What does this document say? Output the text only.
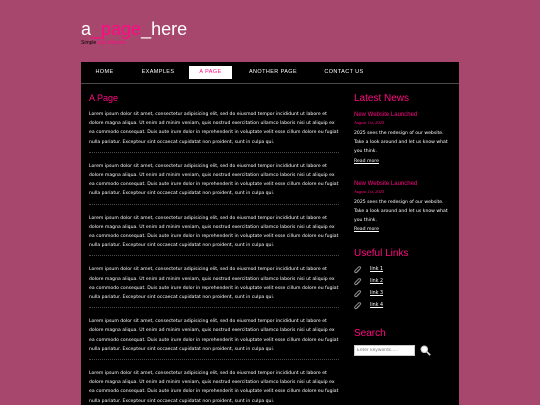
a_page_here
Simple and effective
HOME	EXAMPLES	A PAGE	ANOTHER PAGE	CONTACT US
A Page

Lorem ipsum dolor sit amet, consectetur adipisicing elit, sed do eiusmod tempor incididunt ut labore et dolore magna aliqua. Ut enim ad minim veniam, quis nostrud exercitation ullamco laboris nisi ut aliquip ex ea commodo consequat. Duis aute irure dolor in reprehenderit in voluptate velit esse cillum dolore eu fugiat nulla pariatur. Excepteur sint occaecat cupidatat non proident, sunt in culpa qui.

Lorem ipsum dolor sit amet, consectetur adipisicing elit, sed do eiusmod tempor incididunt ut labore et dolore magna aliqua. Ut enim ad minim veniam, quis nostrud exercitation ullamco laboris nisi ut aliquip ex ea commodo consequat. Duis aute irure dolor in reprehenderit in voluptate velit esse cillum dolore eu fugiat nulla pariatur. Excepteur sint occaecat cupidatat non proident, sunt in culpa qui.

Lorem ipsum dolor sit amet, consectetur adipisicing elit, sed do eiusmod tempor incididunt ut labore et dolore magna aliqua. Ut enim ad minim veniam, quis nostrud exercitation ullamco laboris nisi ut aliquip ex ea commodo consequat. Duis aute irure dolor in reprehenderit in voluptate velit esse cillum dolore eu fugiat nulla pariatur. Excepteur sint occaecat cupidatat non proident, sunt in culpa qui.

Lorem ipsum dolor sit amet, consectetur adipisicing elit, sed do eiusmod tempor incididunt ut labore et dolore magna aliqua. Ut enim ad minim veniam, quis nostrud exercitation ullamco laboris nisi ut aliquip ex ea commodo consequat. Duis aute irure dolor in reprehenderit in voluptate velit esse cillum dolore eu fugiat nulla pariatur. Excepteur sint occaecat cupidatat non proident, sunt in culpa qui.

Lorem ipsum dolor sit amet, consectetur adipisicing elit, sed do eiusmod tempor incididunt ut labore et dolore magna aliqua. Ut enim ad minim veniam, quis nostrud exercitation ullamco laboris nisi ut aliquip ex ea commodo consequat. Duis aute irure dolor in reprehenderit in voluptate velit esse cillum dolore eu fugiat nulla pariatur. Excepteur sint occaecat cupidatat non proident, sunt in culpa qui.

Lorem ipsum dolor sit amet, consectetur adipisicing elit, sed do eiusmod tempor incididunt ut labore et dolore magna aliqua. Ut enim ad minim veniam, quis nostrud exercitation ullamco laboris nisi ut aliquip ex ea commodo consequat. Duis aute irure dolor in reprehenderit in voluptate velit esse cillum dolore eu fugiat nulla pariatur. Excepteur sint occaecat cupidatat non proident, sunt in culpa qui.

Latest News
New Website Launched
August 1st, 2025
2025 sees the redesign of our website. Take a look around and let us know what you think.
Read more
New Website Launched
August 1st, 2025
2025 sees the redesign of our website. Take a look around and let us know what you think.
Read more
Useful Links
link 1
link 2
link 3
link 4
Search
Enter keywords.....
